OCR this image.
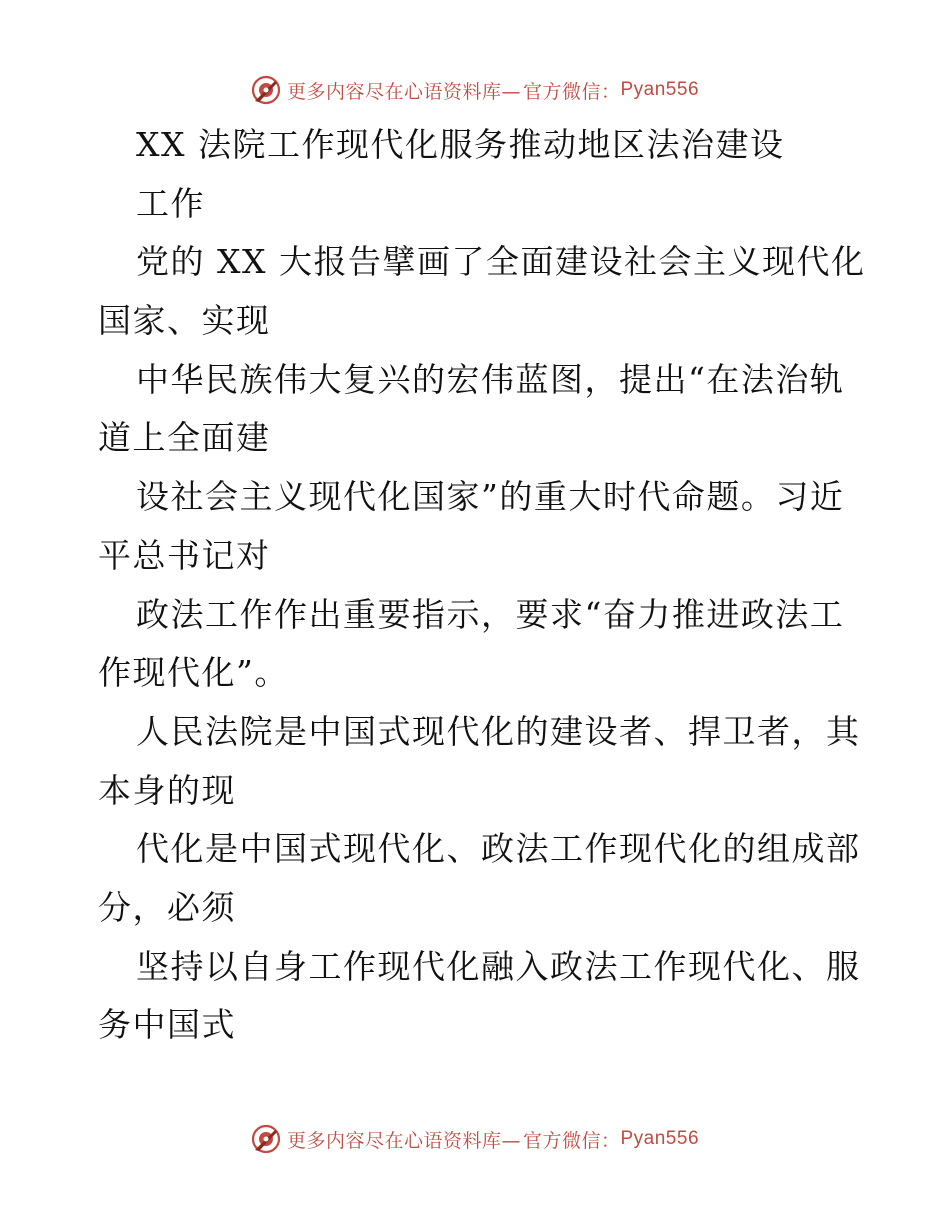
更多内容尽在心语资料库— 官方微信： Pyan556
XX 法院工作现代化服务推动地区法治建设
工作
党的 XX 大报告擘画了全面建设社会主义现代化
国家、实现
中华民族伟大复兴的宏伟蓝图，提出“在法治轨
道上全面建
设社会主义现代化国家”的重大时代命题。习近
平总书记对
政法工作作出重要指示，要求“奋力推进政法工
作现代化”。
人民法院是中国式现代化的建设者、捍卫者，其
本身的现
代化是中国式现代化、政法工作现代化的组成部
分，必须
坚持以自身工作现代化融入政法工作现代化、服
务中国式
更多内容尽在心语资料库— 官方微信： Pyan556
